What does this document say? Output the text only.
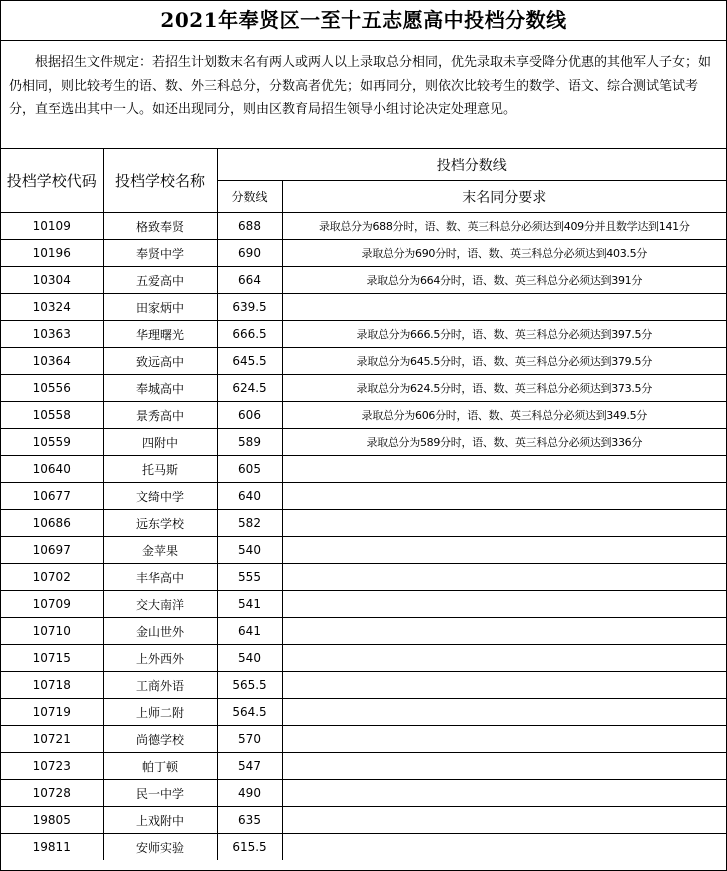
2021年奉贤区一至十五志愿高中投档分数线
根据招生文件规定：若招生计划数末名有两人或两人以上录取总分相同，优先录取未享受降分优惠的其他军人子女；如仍相同，则比较考生的语、数、外三科总分，分数高者优先；如再同分，则依次比较考生的数学、语文、综合测试笔试考分，直至选出其中一人。如还出现同分，则由区教育局招生领导小组讨论决定处理意见。
投档学校代码	投档学校名称	投档分数线	
		分数线	末名同分要求
10109	格致奉贤	688	录取总分为688分时，语、数、英三科总分必须达到409分并且数学达到141分
10196	奉贤中学	690	录取总分为690分时，语、数、英三科总分必须达到403.5分
10304	五爱高中	664	录取总分为664分时，语、数、英三科总分必须达到391分
10324	田家炳中	639.5	
10363	华理曙光	666.5	录取总分为666.5分时，语、数、英三科总分必须达到397.5分
10364	致远高中	645.5	录取总分为645.5分时，语、数、英三科总分必须达到379.5分
10556	奉城高中	624.5	录取总分为624.5分时，语、数、英三科总分必须达到373.5分
10558	景秀高中	606	录取总分为606分时，语、数、英三科总分必须达到349.5分
10559	四附中	589	录取总分为589分时，语、数、英三科总分必须达到336分
10640	托马斯	605	
10677	文绮中学	640	
10686	远东学校	582	
10697	金苹果	540	
10702	丰华高中	555	
10709	交大南洋	541	
10710	金山世外	641	
10715	上外西外	540	
10718	工商外语	565.5	
10719	上师二附	564.5	
10721	尚德学校	570	
10723	帕丁顿	547	
10728	民一中学	490	
19805	上戏附中	635	
19811	安师实验	615.5	
